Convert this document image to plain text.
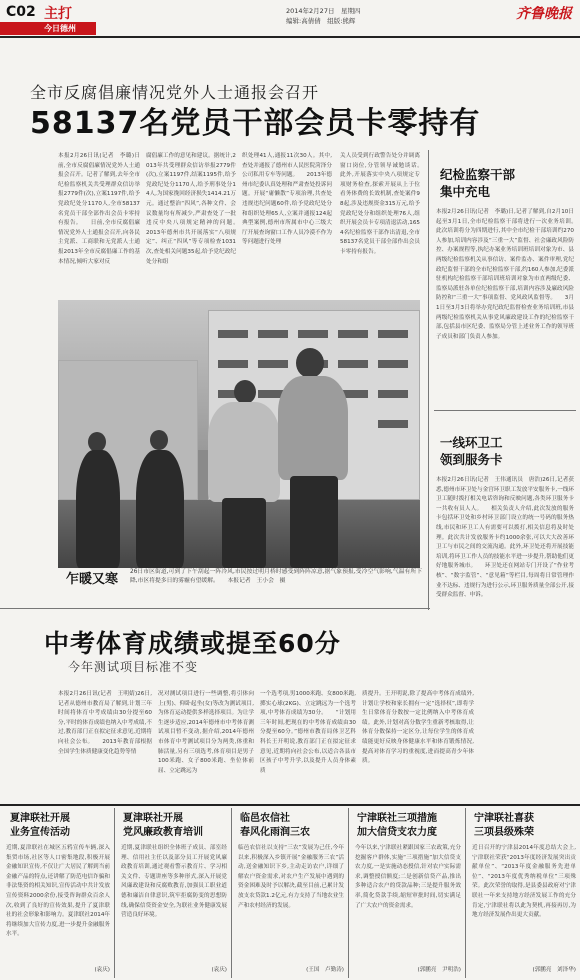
C02 主打
今日德州
2014年2月27日　星期四
编辑:高倩倩　组版:熊辉	齐鲁晚报
全市反腐倡廉情况党外人士通报会召开
58137名党员干部会员卡零持有
本报2月26日讯(记者　李璐)日前,全市反腐倡廉情况党外人士通报会召开。记者了解到,去年全市纪检监察机关共受理群众信访举报2779件(次),立案1197件,给予党政纪处分1170人,全市58137名党员干部全部作出会员卡零持有报告。　　日前,全市反腐倡廉情况党外人士通报会召开,向各民主党派、工商联和无党派人士通报2013年全市反腐倡廉工作的基本情况,倾听大家对反
腐倡廉工作的意见和建议。据统计,2013年共受理群众信访举报2779件(次),立案1197件,结案1195件,给予党政纪处分1170人,给予刑事处分14人,为国家挽回经济损失1414.21万元。通过整治“四风”,各种文件、会议数量均有所减少,严肃查处了一批违反中央八项规定精神的问题。　　2013年德州市共开展落实“八项规定”、纠正“四风”等专项检查1031次,查处相关问题35起,给予党纪政纪处分和组
织处理41人,通报11次30人。其中,查处并通报了德州市人民医院菏泽分公司私用专车等问题。　　2013年德州市纪委认真处理和严肃查处投诉问题。开展“庸懒散”专项治理,共查处违规违纪问题60件,给予党政纪处分和组织处理65人,立案并通报124起典型案例,德州市所属市中心三级大厅开展查询窗口工作人员冷漠不作为等问题进行处理
关人员受到行政警告处分并调离窗口岗位,分管领导诫勉谈话。　　此外,开展落实中央八项规定专项财务检查,探索开展从上于位看务体费的长效机制,查处案件98起,涉及违规资金315万元,给予党政纪处分和组织处理76人,组织开展会员卡专项清退活动,1654名纪检监察干部作出清退,全市58137名党员干部全部作出会员卡零持有报告。
乍暖又寒 26日市区街道,可到了下午刮起一阵冷风,市民按过明月桥时感受到阵阵凉意,据气象预报,受冷空气影响,气温有所下降,市区将提多日的雾霾有望缓解。　　本报记者　王小会　摄
纪检监察干部
集中充电
本报2月26日讯(记者　李璐)日,记者了解到,自2月10日起至3月1日,全市纪检监察干部将进行一次业务培训。　　此次培训将分为四期进行,其中全市纪检干部培训约270人参加,培训内容涉及“三重一大”监督、社会廉政风险防控、办案规程等,执纪办案业务培训班培训对象为市、县两级纪检监察机关从事信访、案件监办、案件审理,党纪政纪监督干部的全市纪检监察干部,约160人参加,纪委派驻机构纪检监察干部培训班培训对象为市直两级纪委、监察局派驻各单位纪检监察干部,培训内容涉及廉政风险防控和“三重一大”事项监督、党风政风监督等。　　3月1日至3月3日将举办党纪政纪监督检查业务培训班,市县两级纪检监察机关从事党风廉政建设工作的纪检监察干部,包括县市区纪委、监察局分管上述业务工作的领导班子成员和部门负责人参加。
一线环卫工
领到服务卡
本报2月26日讯(记者　王伟通讯员　唐浩)26日,记者获悉,德州市环卫处与金宫环卫职工发放平安服务卡,一线环卫工随时拨打相关电话咨询和反映问题,各类环卫服务卡一共收有员人人。　　相关负责人介绍,此次发放的服务卡包括环卫处和乡村环卫部门设立的统一号码的服务热线,市民和环卫工人有需要可以拨打,相关信息将及时处理。此次共计发放服务卡约1000余张,可以大大改善环卫工与市民之间的交流沟通。此外,环卫处还将开展技能培训,将环卫工作人员的技能水平进一步提升,帮助他们更好地服务城市。　　环卫处还在网站专门开设了“作业考核”、“数字监管”、“意见箱”等栏目,每周将日常管理作业不达标、违规行为进行公示,环卫服务质量全部公开,接受群众监督、申诉。
中考体育成绩或提至60分
今年测试项目标准不变
本报2月26日讯(记者　王明婧)26日,记者从德州市教育局了解到,计划三年时间将体育中考成绩由30分提至60分,平时的体育成绩也纳入中考成绩,不过,教育部门正在拟定征求意见,近期将向社会公布。　　2013年教育部根据全国学生体质健康变化趋势等情
况对测试项目进行一些调整,将引体向上(男)、仰卧起坐(女)等改为测试项目,为体育运动提供多样选择项目。为让学生逐步适应,2014年德州市中考体育测试项目暂不变动,据介绍,2014年德州市体育中考测试项目分为两类,体重和肺活量,另有三项选考,体育项目是男子100米跑、女子800米跑、坐位体前屈、立定跳远为
一个选考项,男1000米跑、女800米跑,掷实心球(2KG)、立定跳远为一个选考项,中考体育成绩为30分。　　“计划用三年时间,把现在的中考体育成绩由30分提至60分。”德州市教育局体卫艺科科长王开明说,教育部门正在拟定征求意见,近期将向社会公布,以适合各县市区孩子中考升学,以及提升人员身体素质
质提升。王开明说,除了提高中考体育成绩外,计划让学校和家长拥有一定“选择权”,即将学生日常体育分数按一定比例纳入中考体育成绩。此外,计划对高分数学生重新考核取得,让体育分数保持一定区分,让每位学生的体育成绩能更好反映身体健康水平和体育锻炼情况,提高对体育学习的重视度,进而提高青少年体质。
夏津联社开展
业务宣传活动
近期,夏津联社在城区五鸦宣传车辆,深入集贸市场,社区等人口密集地段,积极开展金融知识宣传,不仅让广大居民了解到当前金融产品的特点,还讲解了防范电信诈骗和非法集资的相关知识,宣传活动中共计发放宣传资料2000余份,接受咨询群众百余人次,收到了良好的宣传效果,提升了夏津联社的社会形象和影响力。夏津联社2014年将继续加大宣传力度,进一步提升金融服务水平。
(袁庆)
夏津联社开展
党风廉政教育培训
近期,夏津联社组织全体班子成员、部室经理、信用社主任以及部分员工开展党风廉政教育培训,通过观看警示教育片、学习相关文件、专题讲座等多种形式,深入开展党风廉政建设和反腐败教育,加强员工职业道德和廉洁自律意识,筑牢拒腐防变的思想防线,确保信贷资金安全,为联社业务健康发展营造良好环境。
(袁庆)
临邑农信社
春风化雨润三农
临邑农信社以支持“三农”发展为己任,今年以来,积极深入乡镇开展“金融服务三农”活动,送金融知识下乡,主动走访农户,详细了解农户资金需求,对农户生产发展中遇到的资金困难及时予以解决,截至目前,已累计发放支农贷款1.2亿元,有力支持了当地农业生产和农村经济的发展。
(王国　卢勤涛)
宁津联社三项措施
加大信贷支农力度
今年以来,宁津联社紧跟国家三农政策,充分挖掘客户群体,实施“三项措施”加大信贷支农力度,一是实施动态授信,针对农户实际需求,调整授信额度;二是创新信贷产品,推出多种适合农户的贷款品种;三是提升服务效率,简化贷款手续,缩短审批时间,切实满足了广大农户的资金需求。
(郭鹏亮　尹明浩)
宁津联社喜获
三项县级殊荣
近日召开的宁津县2014年度总结大会上,宁津联社荣获“2013年度经济发展突出贡献单位”、“2013年度金融服务先进单位”、“2013年度优秀纳税单位”三项殊荣。此次荣誉的取得,是县委县政府对宁津联社一年来支持地方经济发展工作的充分肯定,宁津联社将以此为契机,再接再厉,为地方经济发展作出更大贡献。
(郭鹏亮　刘泽华)
